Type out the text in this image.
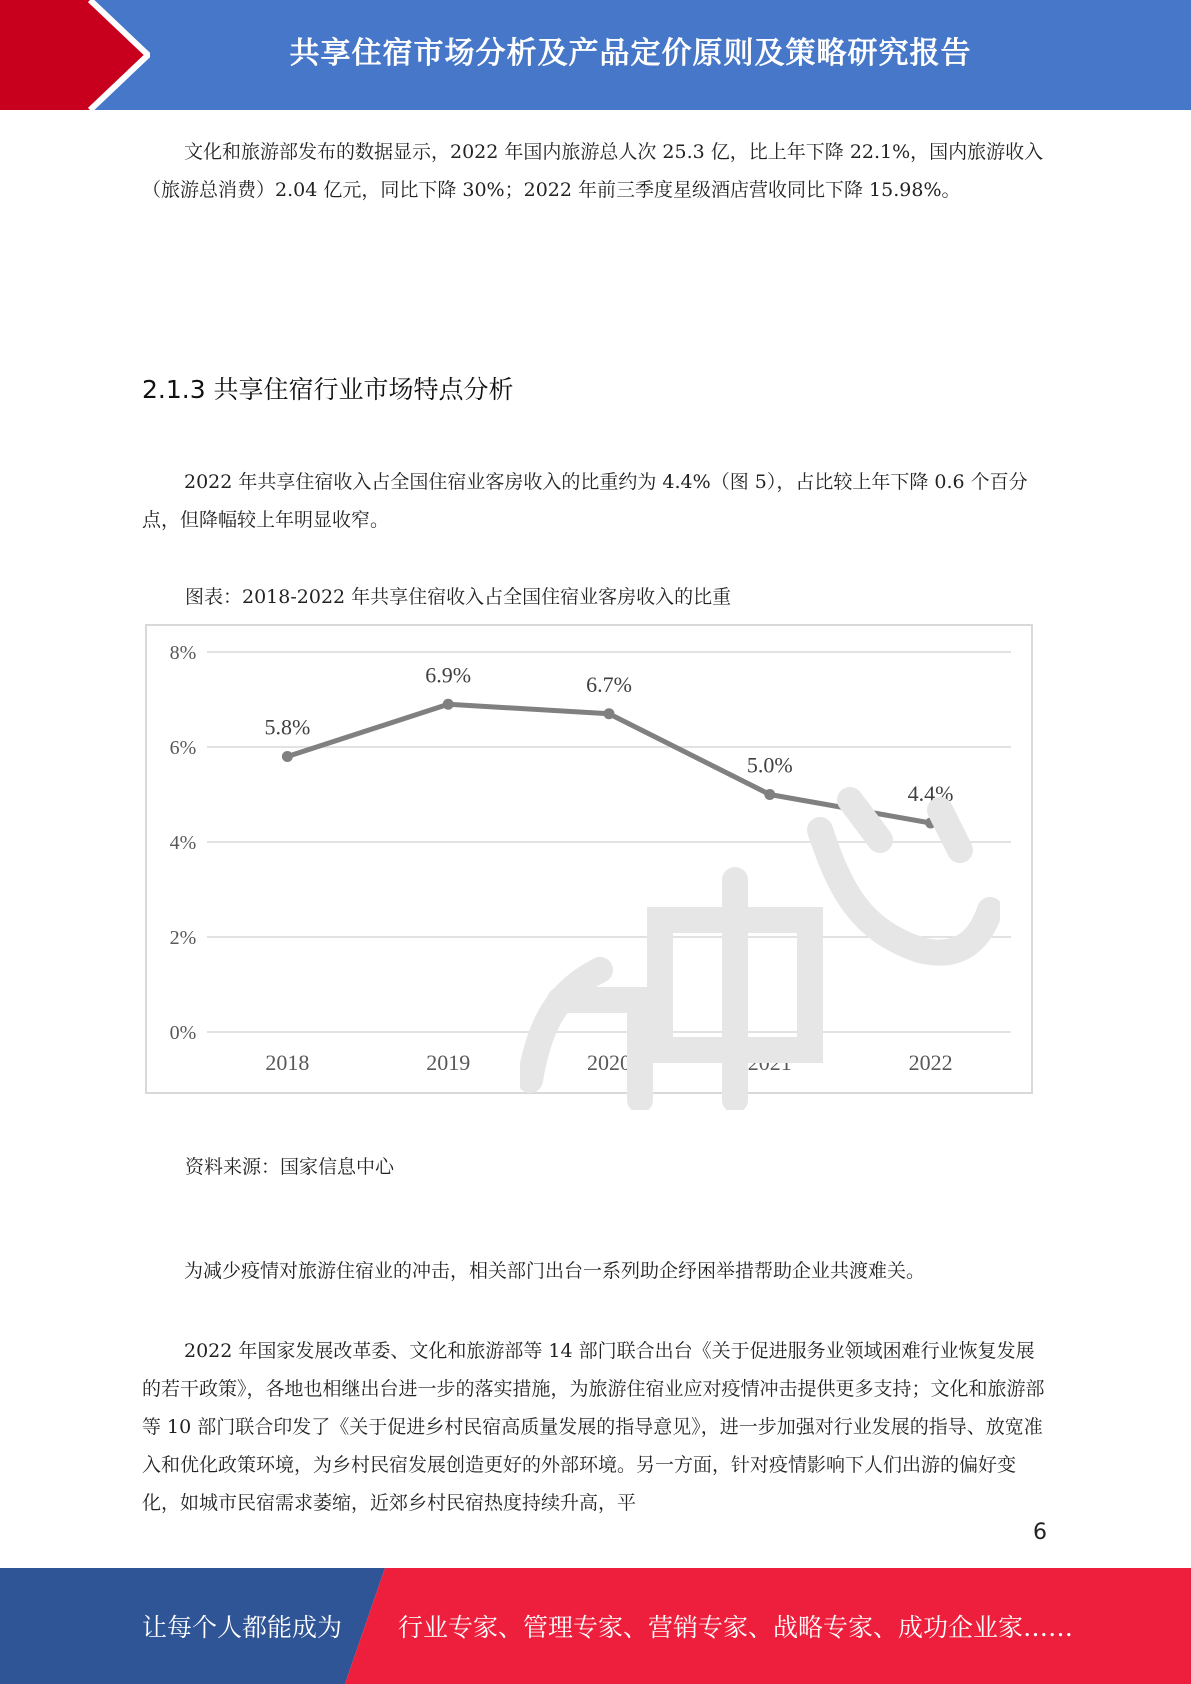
共享住宿市场分析及产品定价原则及策略研究报告

文化和旅游部发布的数据显示，2022 年国内旅游总人次 25.3 亿，比上年下降 22.1%，国内旅游收入（旅游总消费）2.04 亿元，同比下降 30%；2022 年前三季度星级酒店营收同比下降 15.98%。

2.1.3 共享住宿行业市场特点分析

2022 年共享住宿收入占全国住宿业客房收入的比重约为 4.4%（图 5），占比较上年下降 0.6 个百分点，但降幅较上年明显收窄。

图表：2018-2022 年共享住宿收入占全国住宿业客房收入的比重
0%
2%
4%
6%
8%
2018	2019	2020	2021	2022
5.8%
6.9%	6.7%
5.0%
4.4%
资料来源：国家信息中心

为减少疫情对旅游住宿业的冲击，相关部门出台一系列助企纾困举措帮助企业共渡难关。

2022 年国家发展改革委、文化和旅游部等 14 部门联合出台《关于促进服务业领域困难行业恢复发展的若干政策》，各地也相继出台进一步的落实措施，为旅游住宿业应对疫情冲击提供更多支持；文化和旅游部等 10 部门联合印发了《关于促进乡村民宿高质量发展的指导意见》，进一步加强对行业发展的指导、放宽准入和优化政策环境，为乡村民宿发展创造更好的外部环境。另一方面，针对疫情影响下人们出游的偏好变化，如城市民宿需求萎缩，近郊乡村民宿热度持续升高，平

6
让每个人都能成为 行业专家、管理专家、营销专家、战略专家、成功企业家……
